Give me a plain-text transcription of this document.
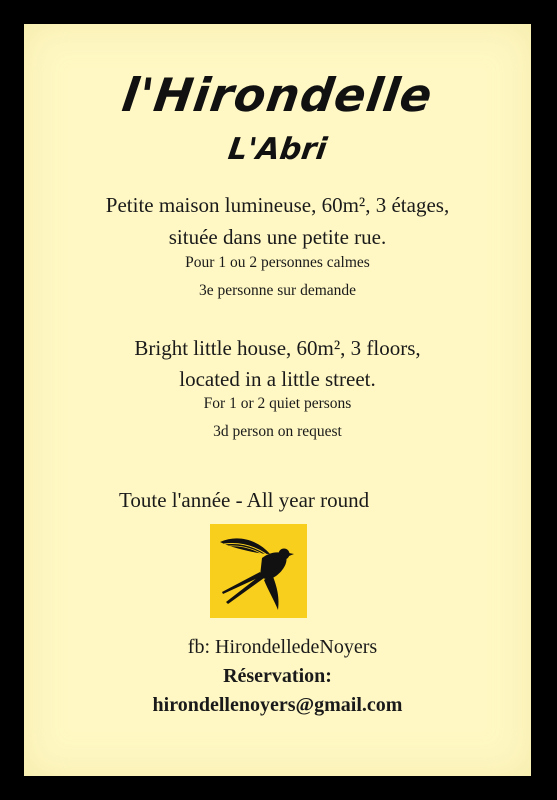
l'Hirondelle
L'Abri
Petite maison lumineuse, 60m², 3 étages,
située dans une petite rue.
Pour 1 ou 2 personnes calmes
3e personne sur demande
Bright little house, 60m², 3 floors,
located in a little street.
For 1 or 2 quiet persons
3d person on request
Toute l'année - All year round
fb: HirondelledeNoyers
Réservation:
hirondellenoyers@gmail.com
